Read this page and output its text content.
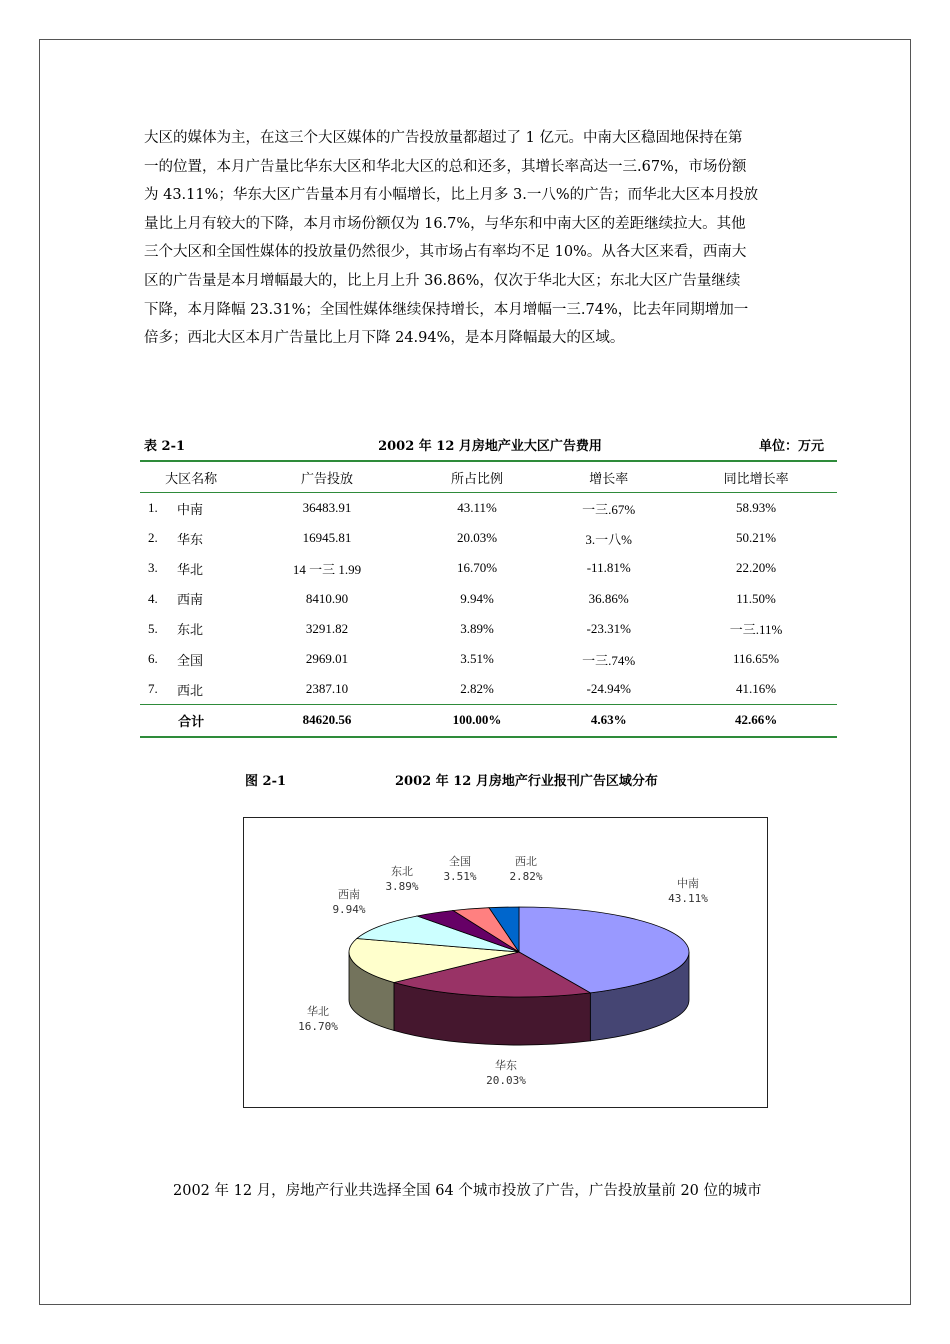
大区的媒体为主，在这三个大区媒体的广告投放量都超过了 1 亿元。中南大区稳固地保持在第

一的位置，本月广告量比华东大区和华北大区的总和还多，其增长率高达一三.67%，市场份额

为 43.11%；华东大区广告量本月有小幅增长，比上月多 3.一八%的广告；而华北大区本月投放

量比上月有较大的下降，本月市场份额仅为 16.7%，与华东和中南大区的差距继续拉大。其他

三个大区和全国性媒体的投放量仍然很少，其市场占有率均不足 10%。从各大区来看，西南大

区的广告量是本月增幅最大的，比上月上升 36.86%，仅次于华北大区；东北大区广告量继续

下降，本月降幅 23.31%；全国性媒体继续保持增长，本月增幅一三.74%，比去年同期增加一

倍多；西北大区本月广告量比上月下降 24.94%，是本月降幅最大的区域。

表 2-1	2002 年 12 月房地产业大区广告费用	单位：万元
大区名称		广告投放	所占比例	增长率	同比增长率
1.	中南	36483.91	43.11%	一三.67%	58.93%
2.	华东	16945.81	20.03%	3.一八%	50.21%
3.	华北	14 一三 1.99	16.70%	-11.81%	22.20%
4.	西南	8410.90	9.94%	36.86%	11.50%
5.	东北	3291.82	3.89%	-23.31%	一三.11%
6.	全国	2969.01	3.51%	一三.74%	116.65%
7.	西北	2387.10	2.82%	-24.94%	41.16%
合计		84620.56	100.00%	4.63%	42.66%
图 2-1	2002 年 12 月房地产行业报刊广告区域分布
中南
43.11%
华东
20.03%
华北
16.70%
西南
9.94%
东北
3.89%
全国
3.51%
西北
2.82%

2002 年 12 月，房地产行业共选择全国 64 个城市投放了广告，广告投放量前 20 位的城市
